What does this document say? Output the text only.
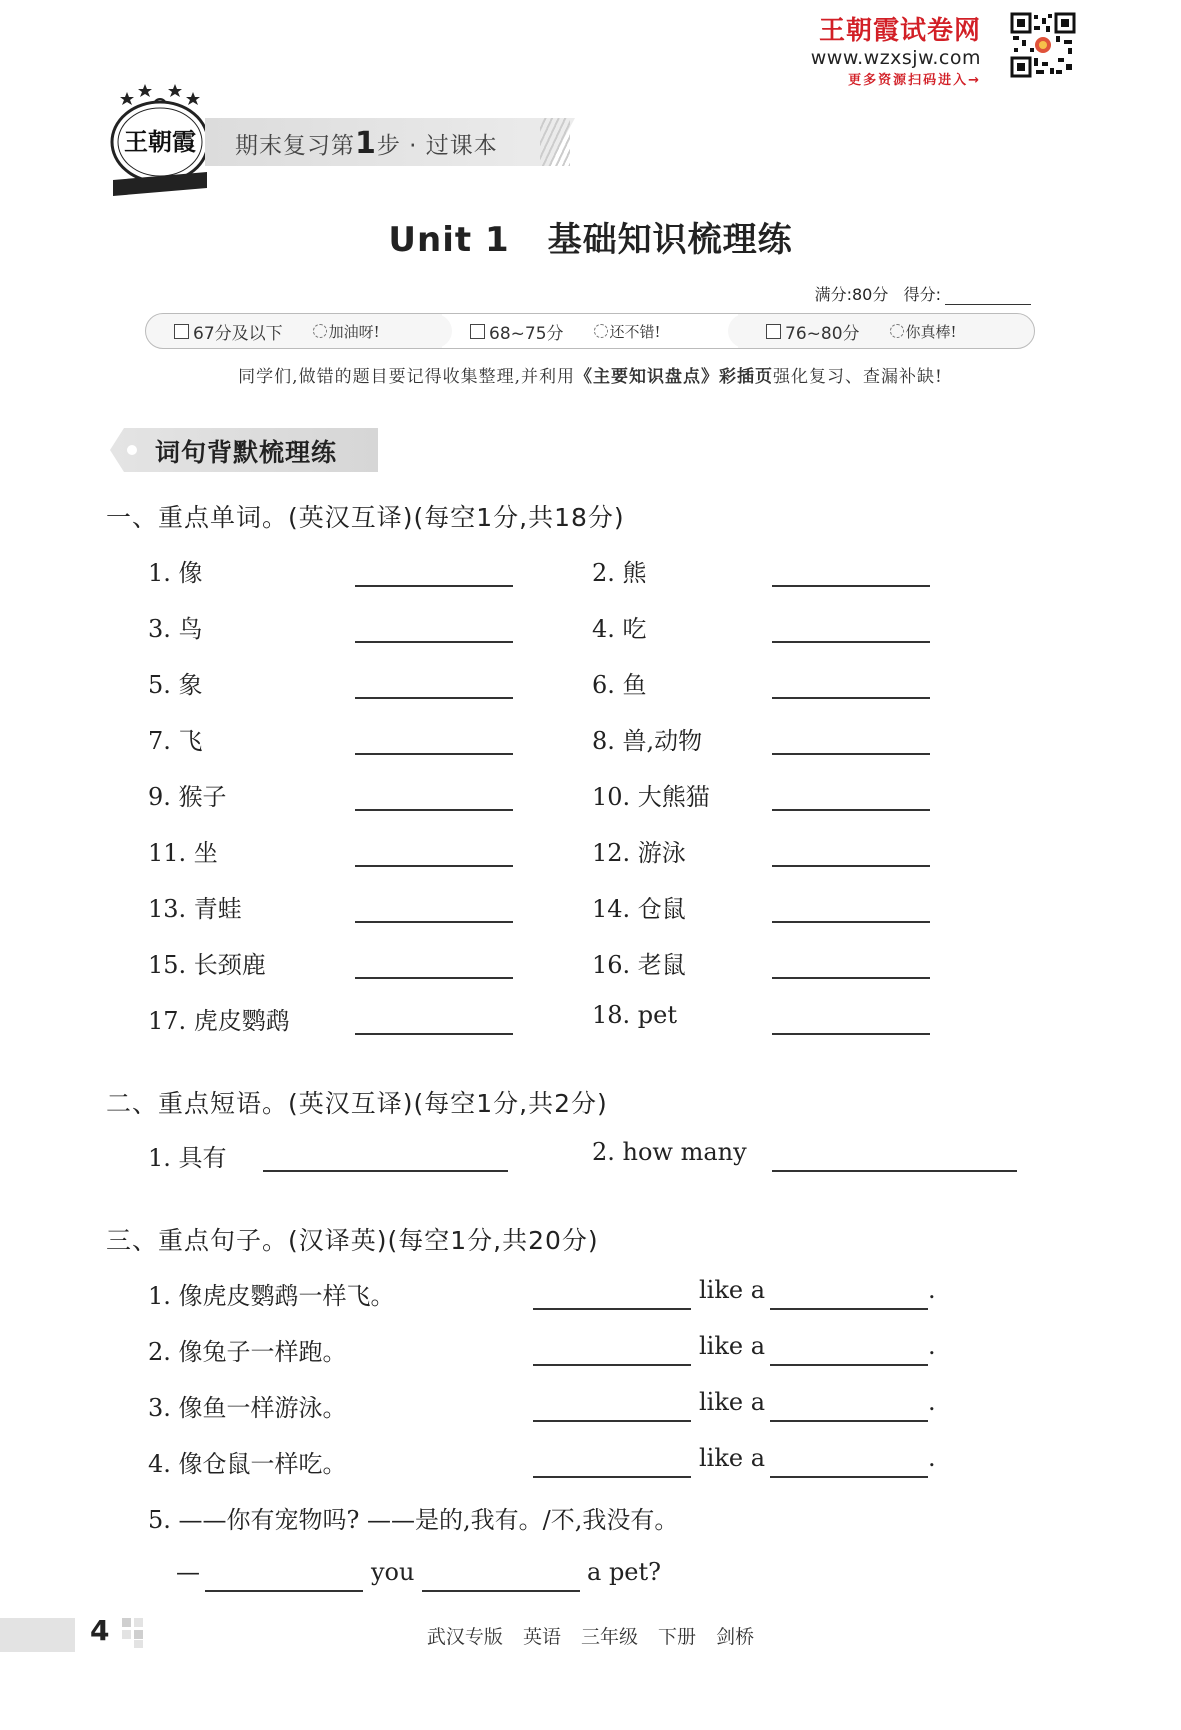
王朝霞试卷网
www.wzxsjw.com
更多资源扫码进入→
王朝霞 期末复习第1步 · 过课本
Unit 1 基础知识梳理练
满分:80分 得分:
67分及以下	加油呀!	68~75分	还不错!	76~80分	你真棒!
同学们,做错的题目要记得收集整理,并利用《主要知识盘点》彩插页强化复习、查漏补缺!
词句背默梳理练
一、重点单词。(英汉互译)(每空1分,共18分)
1. 像	2. 熊
3. 鸟	4. 吃
5. 象	6. 鱼
7. 飞	8. 兽,动物
9. 猴子	10. 大熊猫
11. 坐	12. 游泳
13. 青蛙	14. 仓鼠
15. 长颈鹿	16. 老鼠
17. 虎皮鹦鹉	18. pet
二、重点短语。(英汉互译)(每空1分,共2分)
1. 具有	2. how many
三、重点句子。(汉译英)(每空1分,共20分)
1. 像虎皮鹦鹉一样飞。	like a	.
2. 像兔子一样跑。	like a	.
3. 像鱼一样游泳。	like a	.
4. 像仓鼠一样吃。	like a	.
5. ——你有宠物吗? ——是的,我有。/不,我没有。
—	you	a pet?
4	武汉专版 英语 三年级 下册 剑桥
